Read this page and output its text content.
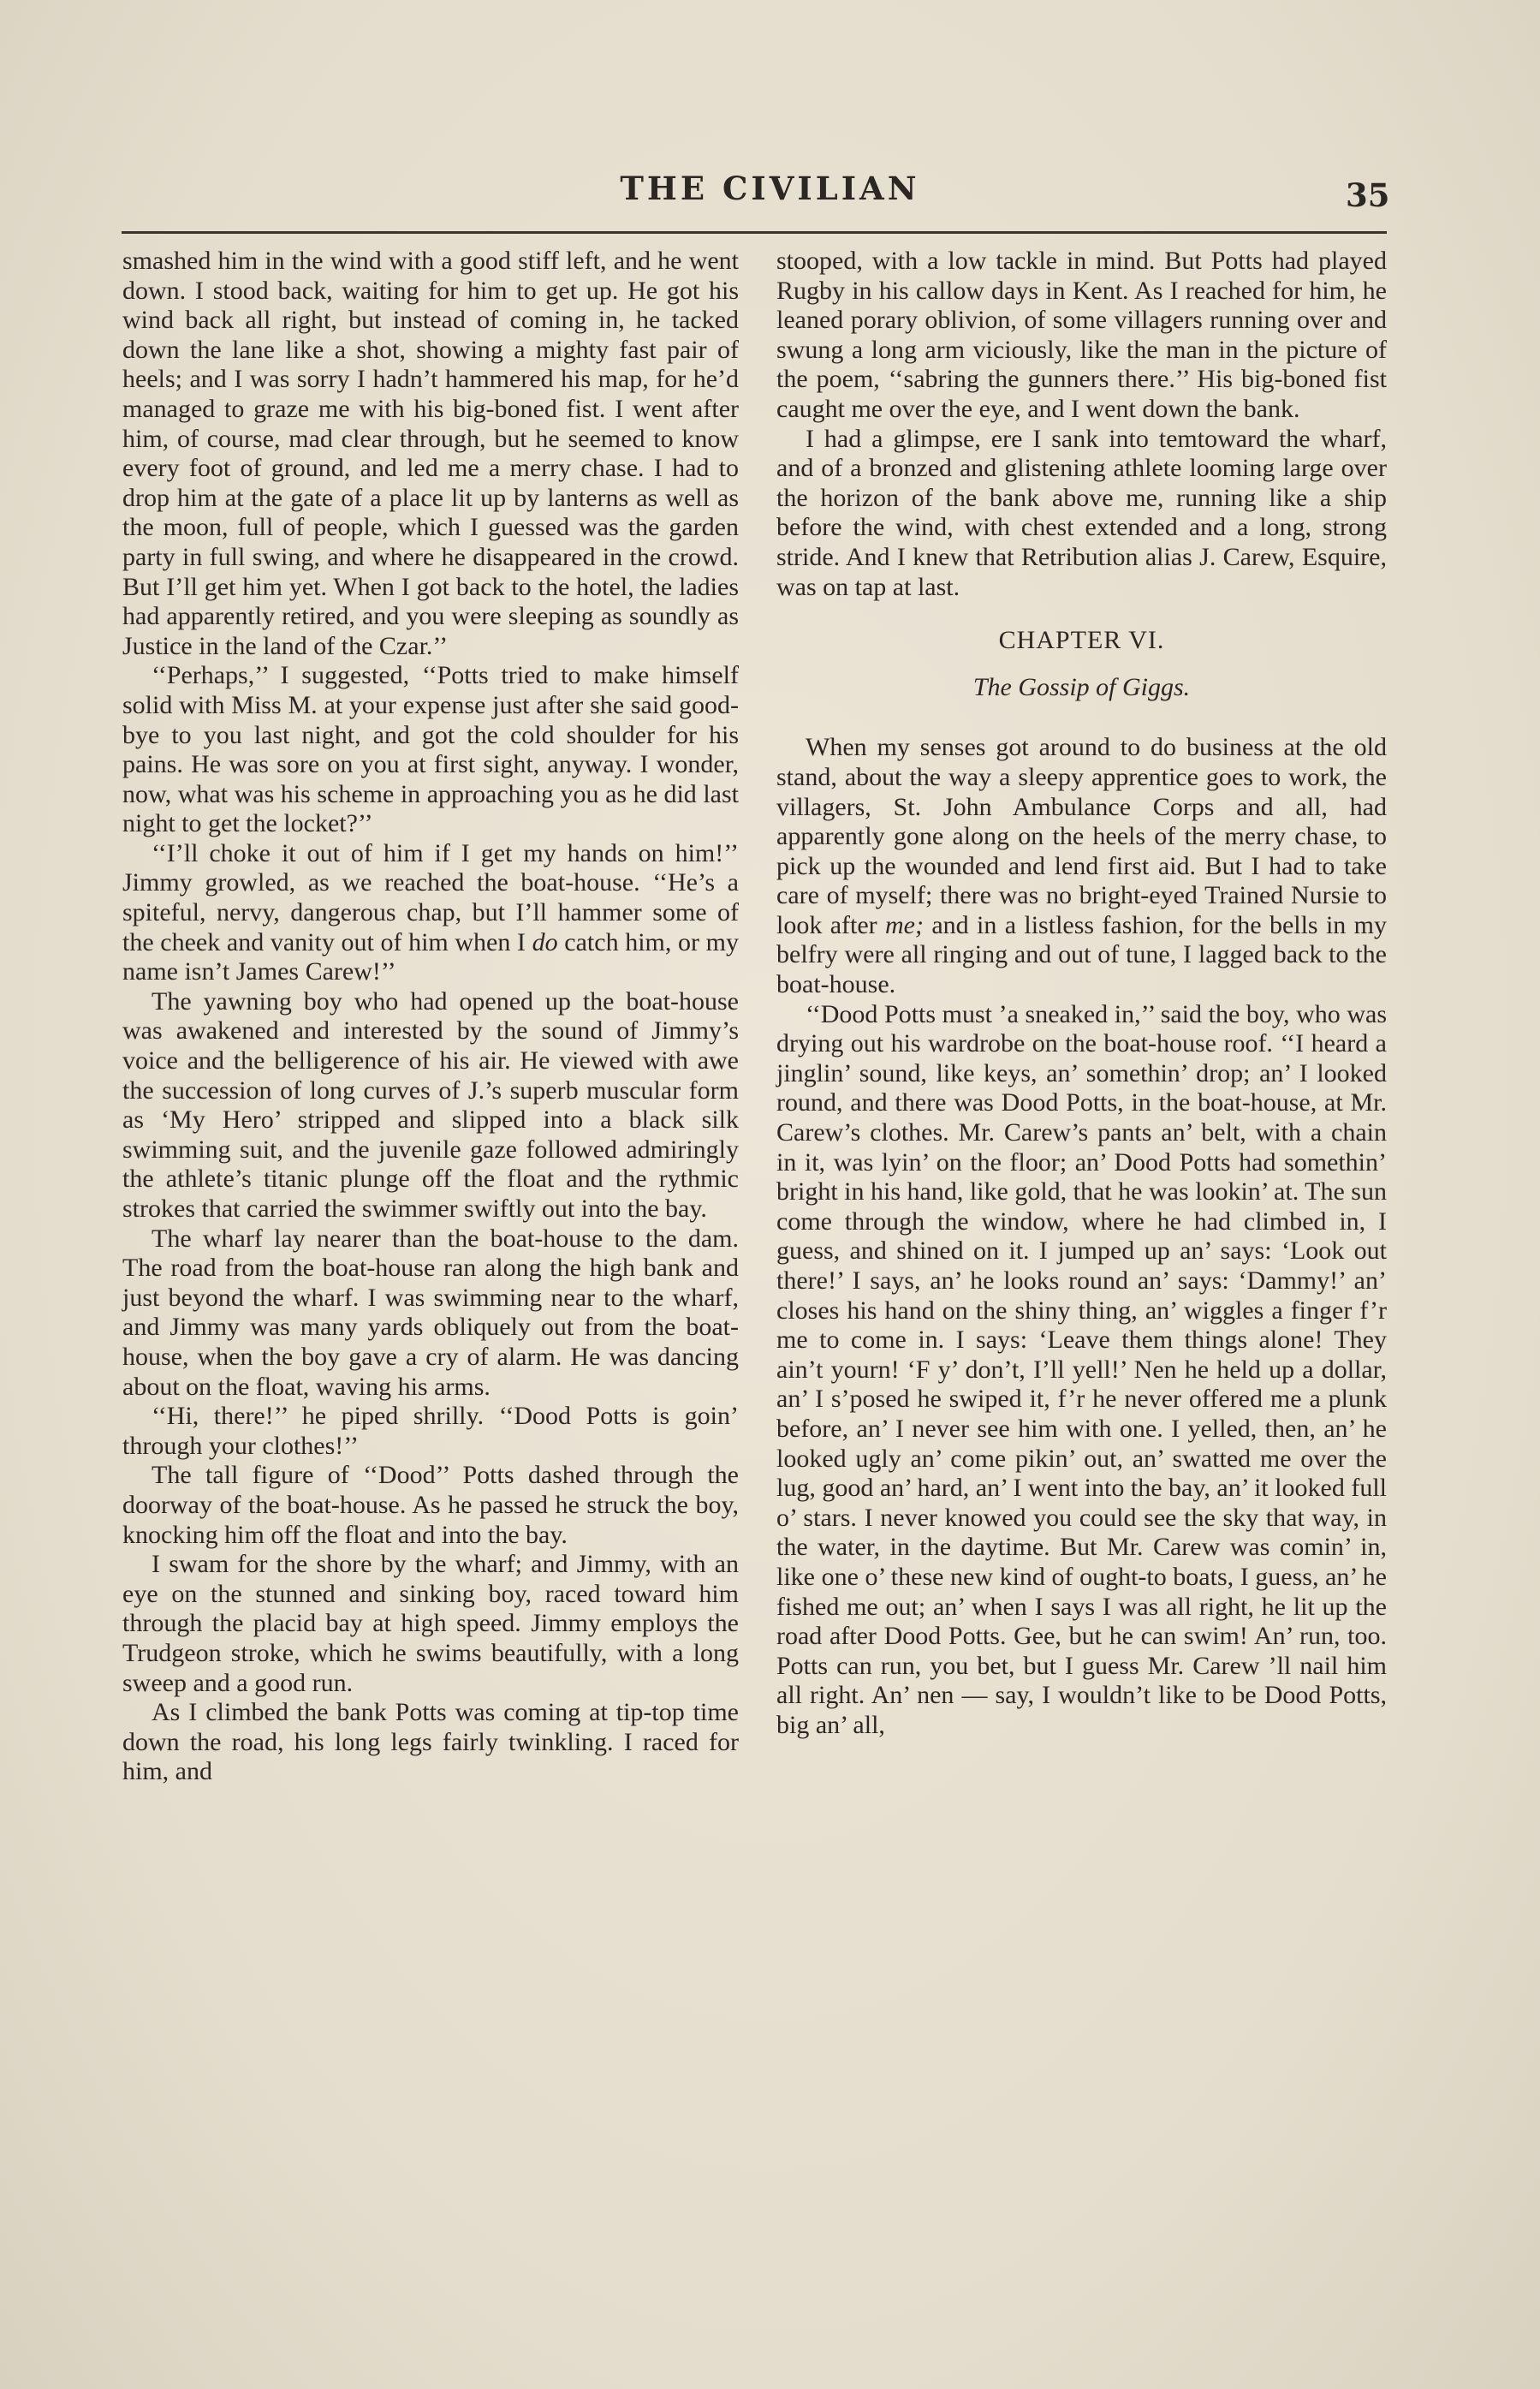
THE CIVILIAN	35

smashed him in the wind with a good stiff left, and he went down. I stood back, waiting for him to get up. He got his wind back all right, but instead of coming in, he tacked down the lane like a shot, showing a mighty fast pair of heels; and I was sorry I hadn’t hammered his map, for he’d managed to graze me with his big-boned fist. I went after him, of course, mad clear through, but he seemed to know every foot of ground, and led me a merry chase. I had to drop him at the gate of a place lit up by lanterns as well as the moon, full of people, which I guessed was the garden party in full swing, and where he disappeared in the crowd. But I’ll get him yet. When I got back to the hotel, the ladies had apparently retired, and you were sleeping as soundly as Justice in the land of the Czar.’’

‘‘Perhaps,’’ I suggested, ‘‘Potts tried to make himself solid with Miss M. at your expense just after she said good-bye to you last night, and got the cold shoulder for his pains. He was sore on you at first sight, anyway. I wonder, now, what was his scheme in approaching you as he did last night to get the locket?’’

‘‘I’ll choke it out of him if I get my hands on him!’’ Jimmy growled, as we reached the boat-house. ‘‘He’s a spiteful, nervy, dangerous chap, but I’ll hammer some of the cheek and vanity out of him when I do catch him, or my name isn’t James Carew!’’

The yawning boy who had opened up the boat-house was awakened and interested by the sound of Jimmy’s voice and the belligerence of his air. He viewed with awe the succession of long curves of J.’s superb muscular form as ‘My Hero’ stripped and slipped into a black silk swimming suit, and the juvenile gaze followed admiringly the athlete’s titanic plunge off the float and the rythmic strokes that carried the swimmer swiftly out into the bay.

The wharf lay nearer than the boat-house to the dam. The road from the boat-house ran along the high bank and just beyond the wharf. I was swimming near to the wharf, and Jimmy was many yards obliquely out from the boat-house, when the boy gave a cry of alarm. He was dancing about on the float, waving his arms.

‘‘Hi, there!’’ he piped shrilly. ‘‘Dood Potts is goin’ through your clothes!’’

The tall figure of ‘‘Dood’’ Potts dashed through the doorway of the boat-house. As he passed he struck the boy, knocking him off the float and into the bay.

I swam for the shore by the wharf; and Jimmy, with an eye on the stunned and sinking boy, raced toward him through the placid bay at high speed. Jimmy employs the Trudgeon stroke, which he swims beautifully, with a long sweep and a good run.

As I climbed the bank Potts was coming at tip-top time down the road, his long legs fairly twinkling. I raced for him, and

stooped, with a low tackle in mind. But Potts had played Rugby in his callow days in Kent. As I reached for him, he leaned porary oblivion, of some villagers running over and swung a long arm viciously, like the man in the picture of the poem, ‘‘sabring the gunners there.’’ His big-boned fist caught me over the eye, and I went down the bank.

I had a glimpse, ere I sank into temtoward the wharf, and of a bronzed and glistening athlete looming large over the horizon of the bank above me, running like a ship before the wind, with chest extended and a long, strong stride. And I knew that Retribution alias J. Carew, Esquire, was on tap at last.

CHAPTER VI.
The Gossip of Giggs.

When my senses got around to do business at the old stand, about the way a sleepy apprentice goes to work, the villagers, St. John Ambulance Corps and all, had apparently gone along on the heels of the merry chase, to pick up the wounded and lend first aid. But I had to take care of myself; there was no bright-eyed Trained Nursie to look after me; and in a listless fashion, for the bells in my belfry were all ringing and out of tune, I lagged back to the boat-house.

‘‘Dood Potts must ’a sneaked in,’’ said the boy, who was drying out his wardrobe on the boat-house roof. ‘‘I heard a jinglin’ sound, like keys, an’ somethin’ drop; an’ I looked round, and there was Dood Potts, in the boat-house, at Mr. Carew’s clothes. Mr. Carew’s pants an’ belt, with a chain in it, was lyin’ on the floor; an’ Dood Potts had somethin’ bright in his hand, like gold, that he was lookin’ at. The sun come through the window, where he had climbed in, I guess, and shined on it. I jumped up an’ says: ‘Look out there!’ I says, an’ he looks round an’ says: ‘Dammy!’ an’ closes his hand on the shiny thing, an’ wiggles a finger f’r me to come in. I says: ‘Leave them things alone! They ain’t yourn! ‘F y’ don’t, I’ll yell!’ Nen he held up a dollar, an’ I s’posed he swiped it, f’r he never offered me a plunk before, an’ I never see him with one. I yelled, then, an’ he looked ugly an’ come pikin’ out, an’ swatted me over the lug, good an’ hard, an’ I went into the bay, an’ it looked full o’ stars. I never knowed you could see the sky that way, in the water, in the daytime. But Mr. Carew was comin’ in, like one o’ these new kind of ought-to boats, I guess, an’ he fished me out; an’ when I says I was all right, he lit up the road after Dood Potts. Gee, but he can swim! An’ run, too. Potts can run, you bet, but I guess Mr. Carew ’ll nail him all right. An’ nen — say, I wouldn’t like to be Dood Potts, big an’ all,
